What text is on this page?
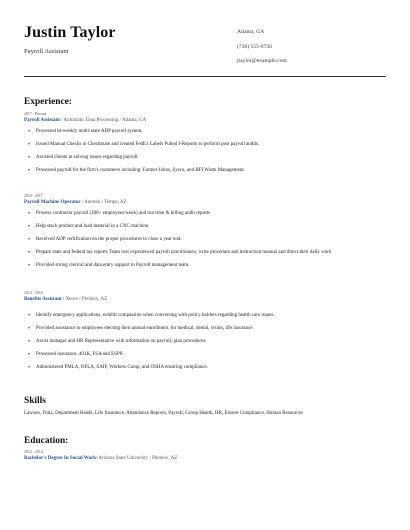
Justin Taylor
Payroll Assistant
Atlanta, GA
(730) 555-0733
jtaylor@example.com
Experience:
2017 - Present
Payroll Assistant / Automatic Data Processing / Atlanta, GA
• Processed bi-weekly multi-state ADP payroll system.
• Issued Manual Checks in Checkmate and created FedEx Labels Pulled I-Reports to perform post payroll audits.
• Assisted clients in solving issues regarding payroll.
• Processed payroll for the firm's customers including: Farmer Johns, Sysco, and BFI Waste Management.
2016 - 2017
Payroll Machine Operator / Aerotek / Tempe, AZ
• Process contractor payroll (100+ employees/week) and run time & billing audit reports
• Help stack product and load material in a CNC machine.
• Received ADP certification on the proper procedures to close a year end.
• Prepare state and federal tax reports Team loss experienced payroll practitioners, write procedure and instruction manual and direct their daily work
• Provided strong clerical and data entry support to Payroll management team.
2014 - 2016
Benefits Assistant / Xerox / Phoenix, AZ
• Identify emergency applications, exhibit compassion when conversing with policy holders regarding health care issues.
• Provided assistance to employees electing their annual enrollment, for medical, dental, vision, life insurance.
• Assist manager and HR Representative with information on payroll, plan procedures.
• Processed insurance, 401K, FSA and ESPP.
• Administered FMLA, OFLA, SAIF, Workers Comp, and OSHA ensuring compliance.
Skills
Lawson, Fmla, Department Heads, Life Insurance, Attendance Reports, Payroll, Group Health, HR, Ensure Compliance, Human Resources
Education:
2010 - 2014
Bachelor's Degree In Social Work/ Arizona State University / Phoenix, AZ
